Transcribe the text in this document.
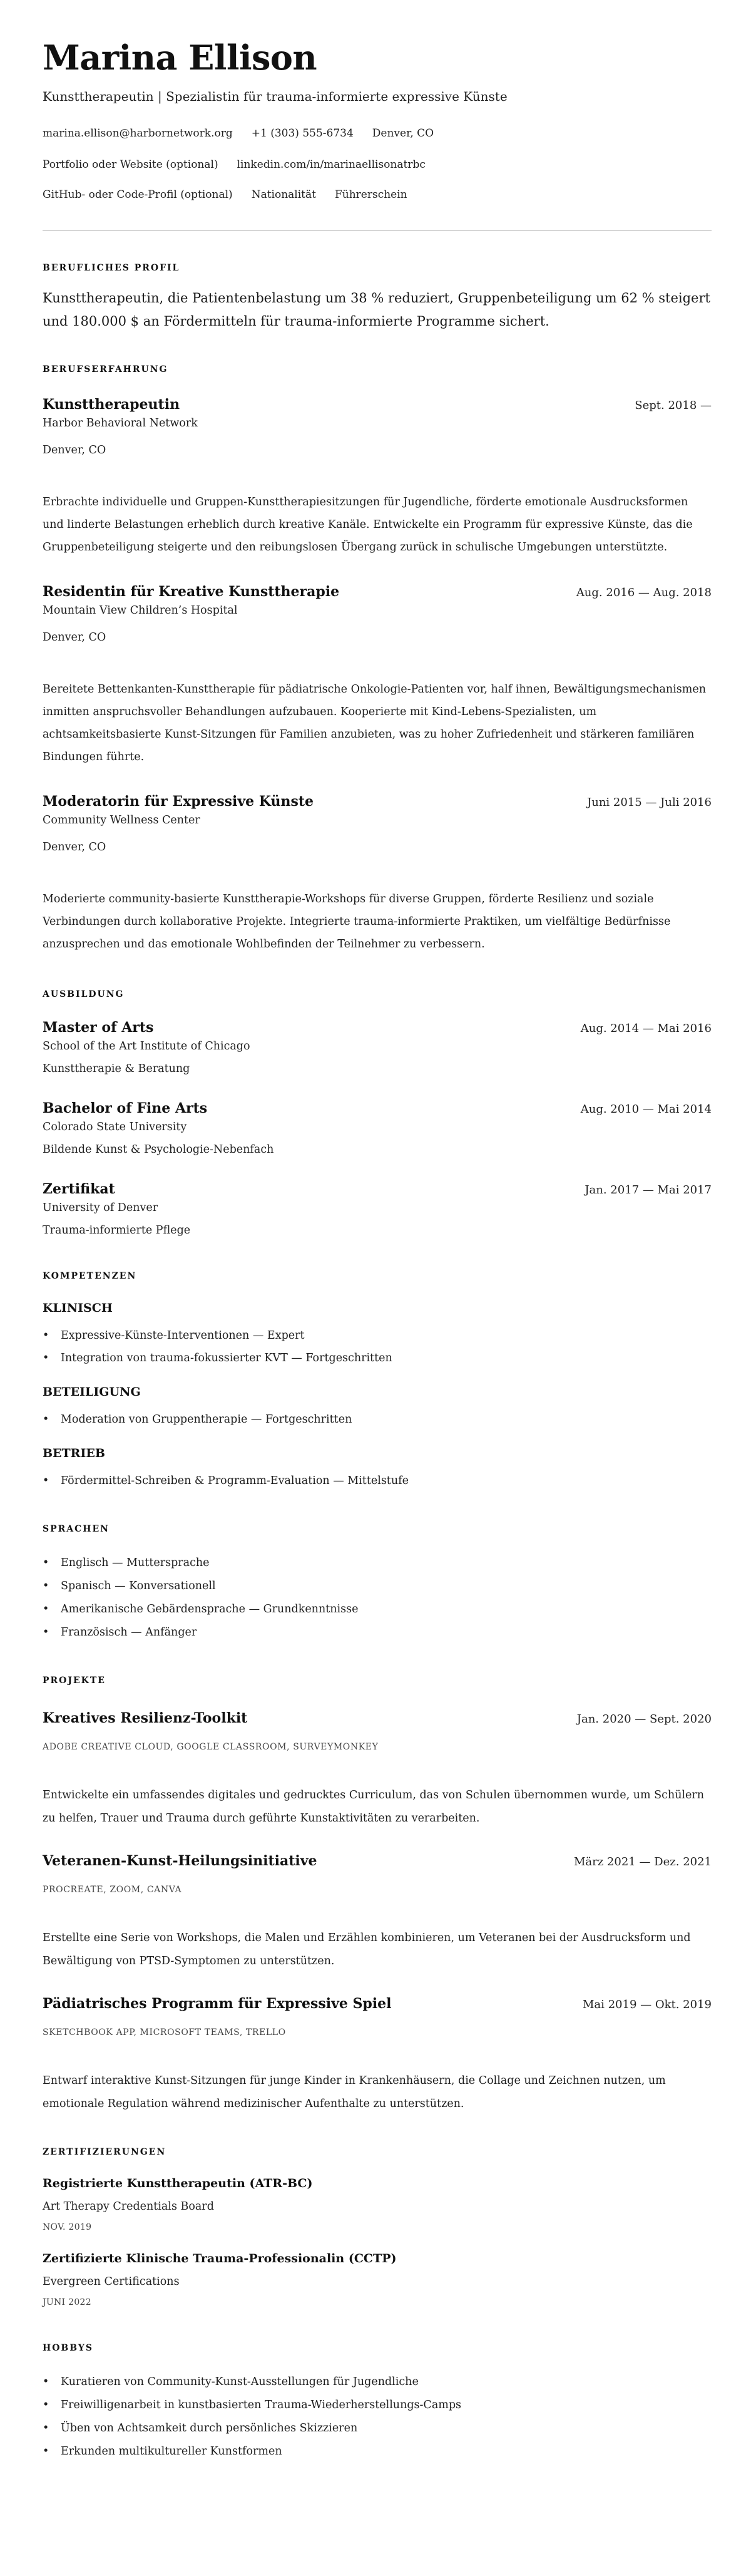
Marina Ellison
Kunsttherapeutin | Spezialistin für trauma-informierte expressive Künste
marina.ellison@harbornetwork.org +1 (303) 555-6734 Denver, CO
Portfolio oder Website (optional) linkedin.com/in/marinaellisonatrbc
GitHub- oder Code-Profil (optional) Nationalität Führerschein
BERUFLICHES PROFIL

Kunsttherapeutin, die Patientenbelastung um 38 % reduziert, Gruppenbeteiligung um 62 % steigert und 180.000 $ an Fördermitteln für trauma-informierte Programme sichert.

BERUFSERFAHRUNG
Kunsttherapeutin	Sept. 2018 —
Harbor Behavioral Network
Denver, CO

Erbrachte individuelle und Gruppen-Kunsttherapiesitzungen für Jugendliche, förderte emotionale Ausdrucksformen und linderte Belastungen erheblich durch kreative Kanäle. Entwickelte ein Programm für expressive Künste, das die Gruppenbeteiligung steigerte und den reibungslosen Übergang zurück in schulische Umgebungen unterstützte.

Residentin für Kreative Kunsttherapie	Aug. 2016 — Aug. 2018
Mountain View Children’s Hospital
Denver, CO

Bereitete Bettenkanten-Kunsttherapie für pädiatrische Onkologie-Patienten vor, half ihnen, Bewältigungsmechanismen inmitten anspruchsvoller Behandlungen aufzubauen. Kooperierte mit Kind-Lebens-Spezialisten, um achtsamkeitsbasierte Kunst-Sitzungen für Familien anzubieten, was zu hoher Zufriedenheit und stärkeren familiären Bindungen führte.

Moderatorin für Expressive Künste	Juni 2015 — Juli 2016
Community Wellness Center
Denver, CO

Moderierte community-basierte Kunsttherapie-Workshops für diverse Gruppen, förderte Resilienz und soziale Verbindungen durch kollaborative Projekte. Integrierte trauma-informierte Praktiken, um vielfältige Bedürfnisse anzusprechen und das emotionale Wohlbefinden der Teilnehmer zu verbessern.

AUSBILDUNG
Master of Arts	Aug. 2014 — Mai 2016
School of the Art Institute of Chicago
Kunsttherapie & Beratung
Bachelor of Fine Arts	Aug. 2010 — Mai 2014
Colorado State University
Bildende Kunst & Psychologie-Nebenfach
Zertifikat	Jan. 2017 — Mai 2017
University of Denver
Trauma-informierte Pflege
KOMPETENZEN
KLINISCH
• Expressive-Künste-Interventionen — Expert
• Integration von trauma-fokussierter KVT — Fortgeschritten
BETEILIGUNG
• Moderation von Gruppentherapie — Fortgeschritten
BETRIEB
• Fördermittel-Schreiben & Programm-Evaluation — Mittelstufe
SPRACHEN
• Englisch — Muttersprache
• Spanisch — Konversationell
• Amerikanische Gebärdensprache — Grundkenntnisse
• Französisch — Anfänger
PROJEKTE
Kreatives Resilienz-Toolkit	Jan. 2020 — Sept. 2020
ADOBE CREATIVE CLOUD, GOOGLE CLASSROOM, SURVEYMONKEY

Entwickelte ein umfassendes digitales und gedrucktes Curriculum, das von Schulen übernommen wurde, um Schülern zu helfen, Trauer und Trauma durch geführte Kunstaktivitäten zu verarbeiten.

Veteranen-Kunst-Heilungsinitiative	März 2021 — Dez. 2021
PROCREATE, ZOOM, CANVA

Erstellte eine Serie von Workshops, die Malen und Erzählen kombinieren, um Veteranen bei der Ausdrucksform und Bewältigung von PTSD-Symptomen zu unterstützen.

Pädiatrisches Programm für Expressive Spiel	Mai 2019 — Okt. 2019
SKETCHBOOK APP, MICROSOFT TEAMS, TRELLO

Entwarf interaktive Kunst-Sitzungen für junge Kinder in Krankenhäusern, die Collage und Zeichnen nutzen, um emotionale Regulation während medizinischer Aufenthalte zu unterstützen.

ZERTIFIZIERUNGEN
Registrierte Kunsttherapeutin (ATR-BC)
Art Therapy Credentials Board
NOV. 2019
Zertifizierte Klinische Trauma-Professionalin (CCTP)
Evergreen Certifications
JUNI 2022
HOBBYS
• Kuratieren von Community-Kunst-Ausstellungen für Jugendliche
• Freiwilligenarbeit in kunstbasierten Trauma-Wiederherstellungs-Camps
• Üben von Achtsamkeit durch persönliches Skizzieren
• Erkunden multikultureller Kunstformen
